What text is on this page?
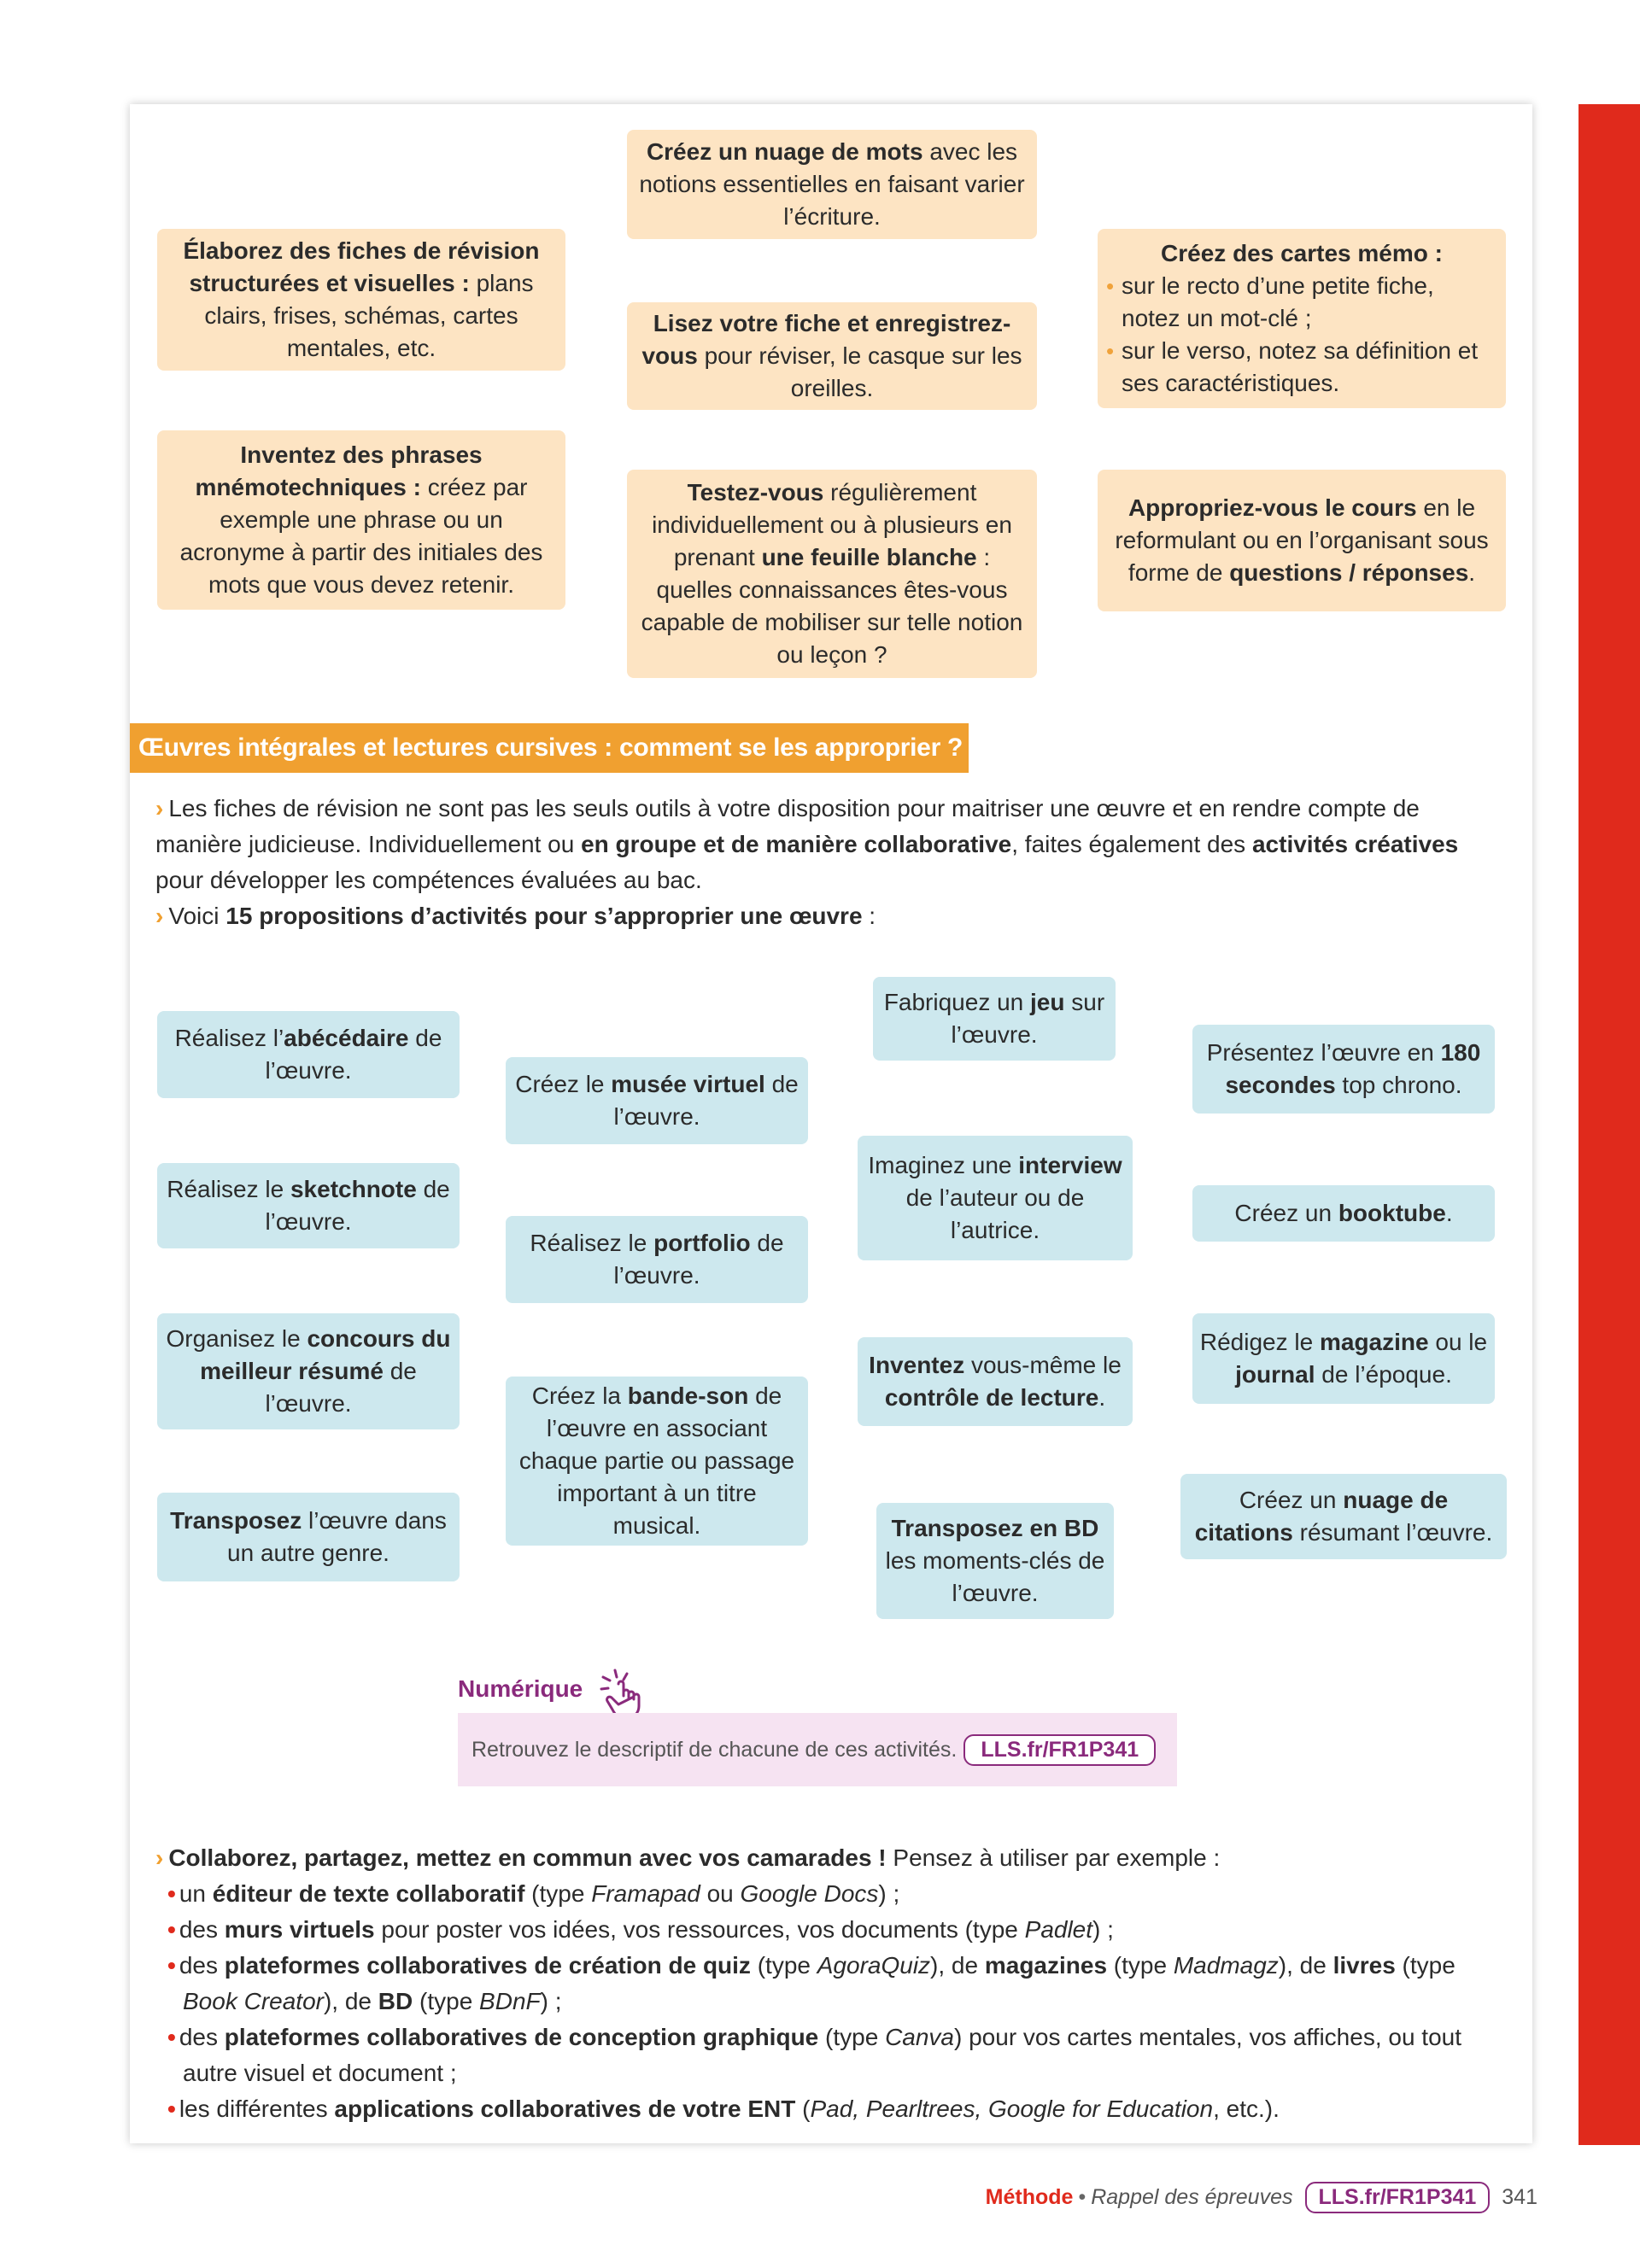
Créez un nuage de mots avec les notions essentielles en faisant varier l’écriture.
Élaborez des fiches de révision structurées et visuelles : plans clairs, frises, schémas, cartes mentales, etc.
Lisez votre fiche et enregistrez-vous pour réviser, le casque sur les oreilles.
Créez des cartes mémo :
• sur le recto d’une petite fiche, notez un mot-clé ;
• sur le verso, notez sa définition et ses caractéristiques.
Inventez des phrases mnémotechniques : créez par exemple une phrase ou un acronyme à partir des initiales des mots que vous devez retenir.
Testez-vous régulièrement individuellement ou à plusieurs en prenant une feuille blanche : quelles connaissances êtes-vous capable de mobiliser sur telle notion ou leçon ?
Appropriez-vous le cours en le reformulant ou en l’organisant sous forme de questions / réponses.
Œuvres intégrales et lectures cursives : comment se les approprier ?
› Les fiches de révision ne sont pas les seuls outils à votre disposition pour maitriser une œuvre et en rendre compte de manière judicieuse. Individuellement ou en groupe et de manière collaborative, faites également des activités créatives pour développer les compétences évaluées au bac.
› Voici 15 propositions d’activités pour s’approprier une œuvre :
Réalisez l’abécédaire de l’œuvre.
Créez le musée virtuel de l’œuvre.
Fabriquez un jeu sur l’œuvre.
Présentez l’œuvre en 180 secondes top chrono.
Réalisez le sketchnote de l’œuvre.
Réalisez le portfolio de l’œuvre.
Imaginez une interview de l’auteur ou de l’autrice.
Créez un booktube.
Organisez le concours du meilleur résumé de l’œuvre.	Créez la bande-son de l’œuvre en associant chaque partie ou passage important à un titre musical.
Inventez vous-même le contrôle de lecture.
Rédigez le magazine ou le journal de l’époque.
Transposez l’œuvre dans un autre genre.
Transposez en BD les moments-clés de l’œuvre.
Créez un nuage de citations résumant l’œuvre.
Numérique
Retrouvez le descriptif de chacune de ces activités.	LLS.fr/FR1P341
› Collaborez, partagez, mettez en commun avec vos camarades ! Pensez à utiliser par exemple :
• un éditeur de texte collaboratif (type Framapad ou Google Docs) ;
• des murs virtuels pour poster vos idées, vos ressources, vos documents (type Padlet) ;
• des plateformes collaboratives de création de quiz (type AgoraQuiz), de magazines (type Madmagz), de livres (type
Book Creator), de BD (type BDnF) ;
• des plateformes collaboratives de conception graphique (type Canva) pour vos cartes mentales, vos affiches, ou tout
autre visuel et document ;
• les différentes applications collaboratives de votre ENT (Pad, Pearltrees, Google for Education, etc.).
Méthode • Rappel des épreuves	LLS.fr/FR1P341	341
